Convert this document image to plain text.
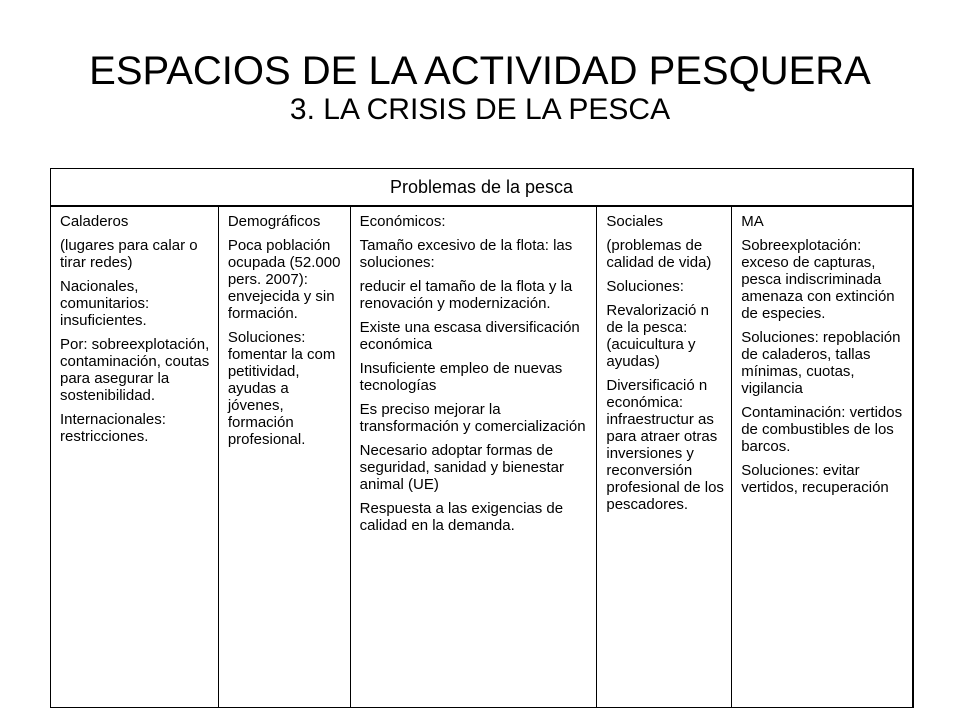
ESPACIOS DE LA ACTIVIDAD PESQUERA
3. LA CRISIS DE LA PESCA
Problemas de la pesca

Caladeros

(lugares para calar o tirar redes)

Nacionales, comunitarios: insuficientes.

Por: sobreexplotación, contaminación, coutas para asegurar la sostenibilidad.

Internacionales: restricciones.

Demográficos

Poca población ocupada (52.000 pers. 2007): envejecida y sin formación.

Soluciones: fomentar la com petitividad, ayudas a jóvenes, formación profesional.

Económicos:

Tamaño excesivo de la flota: las soluciones:

reducir el tamaño de la flota y la renovación y modernización.

Existe una escasa diversificación económica

Insuficiente empleo de nuevas tecnologías

Es preciso mejorar la transformación y comercialización

Necesario adoptar formas de seguridad, sanidad y bienestar animal (UE)

Respuesta a las exigencias de calidad en la demanda.

Sociales

(problemas de calidad de vida)

Soluciones:

Revalorizació n de la pesca: (acuicultura y ayudas)

Diversificació n económica: infraestructur as para atraer otras inversiones y reconversión profesional de los pescadores.

MA

Sobreexplotación: exceso de capturas, pesca indiscriminada amenaza con extinción de especies.

Soluciones: repoblación de caladeros, tallas mínimas, cuotas, vigilancia

Contaminación: vertidos de combustibles de los barcos.

Soluciones: evitar vertidos, recuperación
